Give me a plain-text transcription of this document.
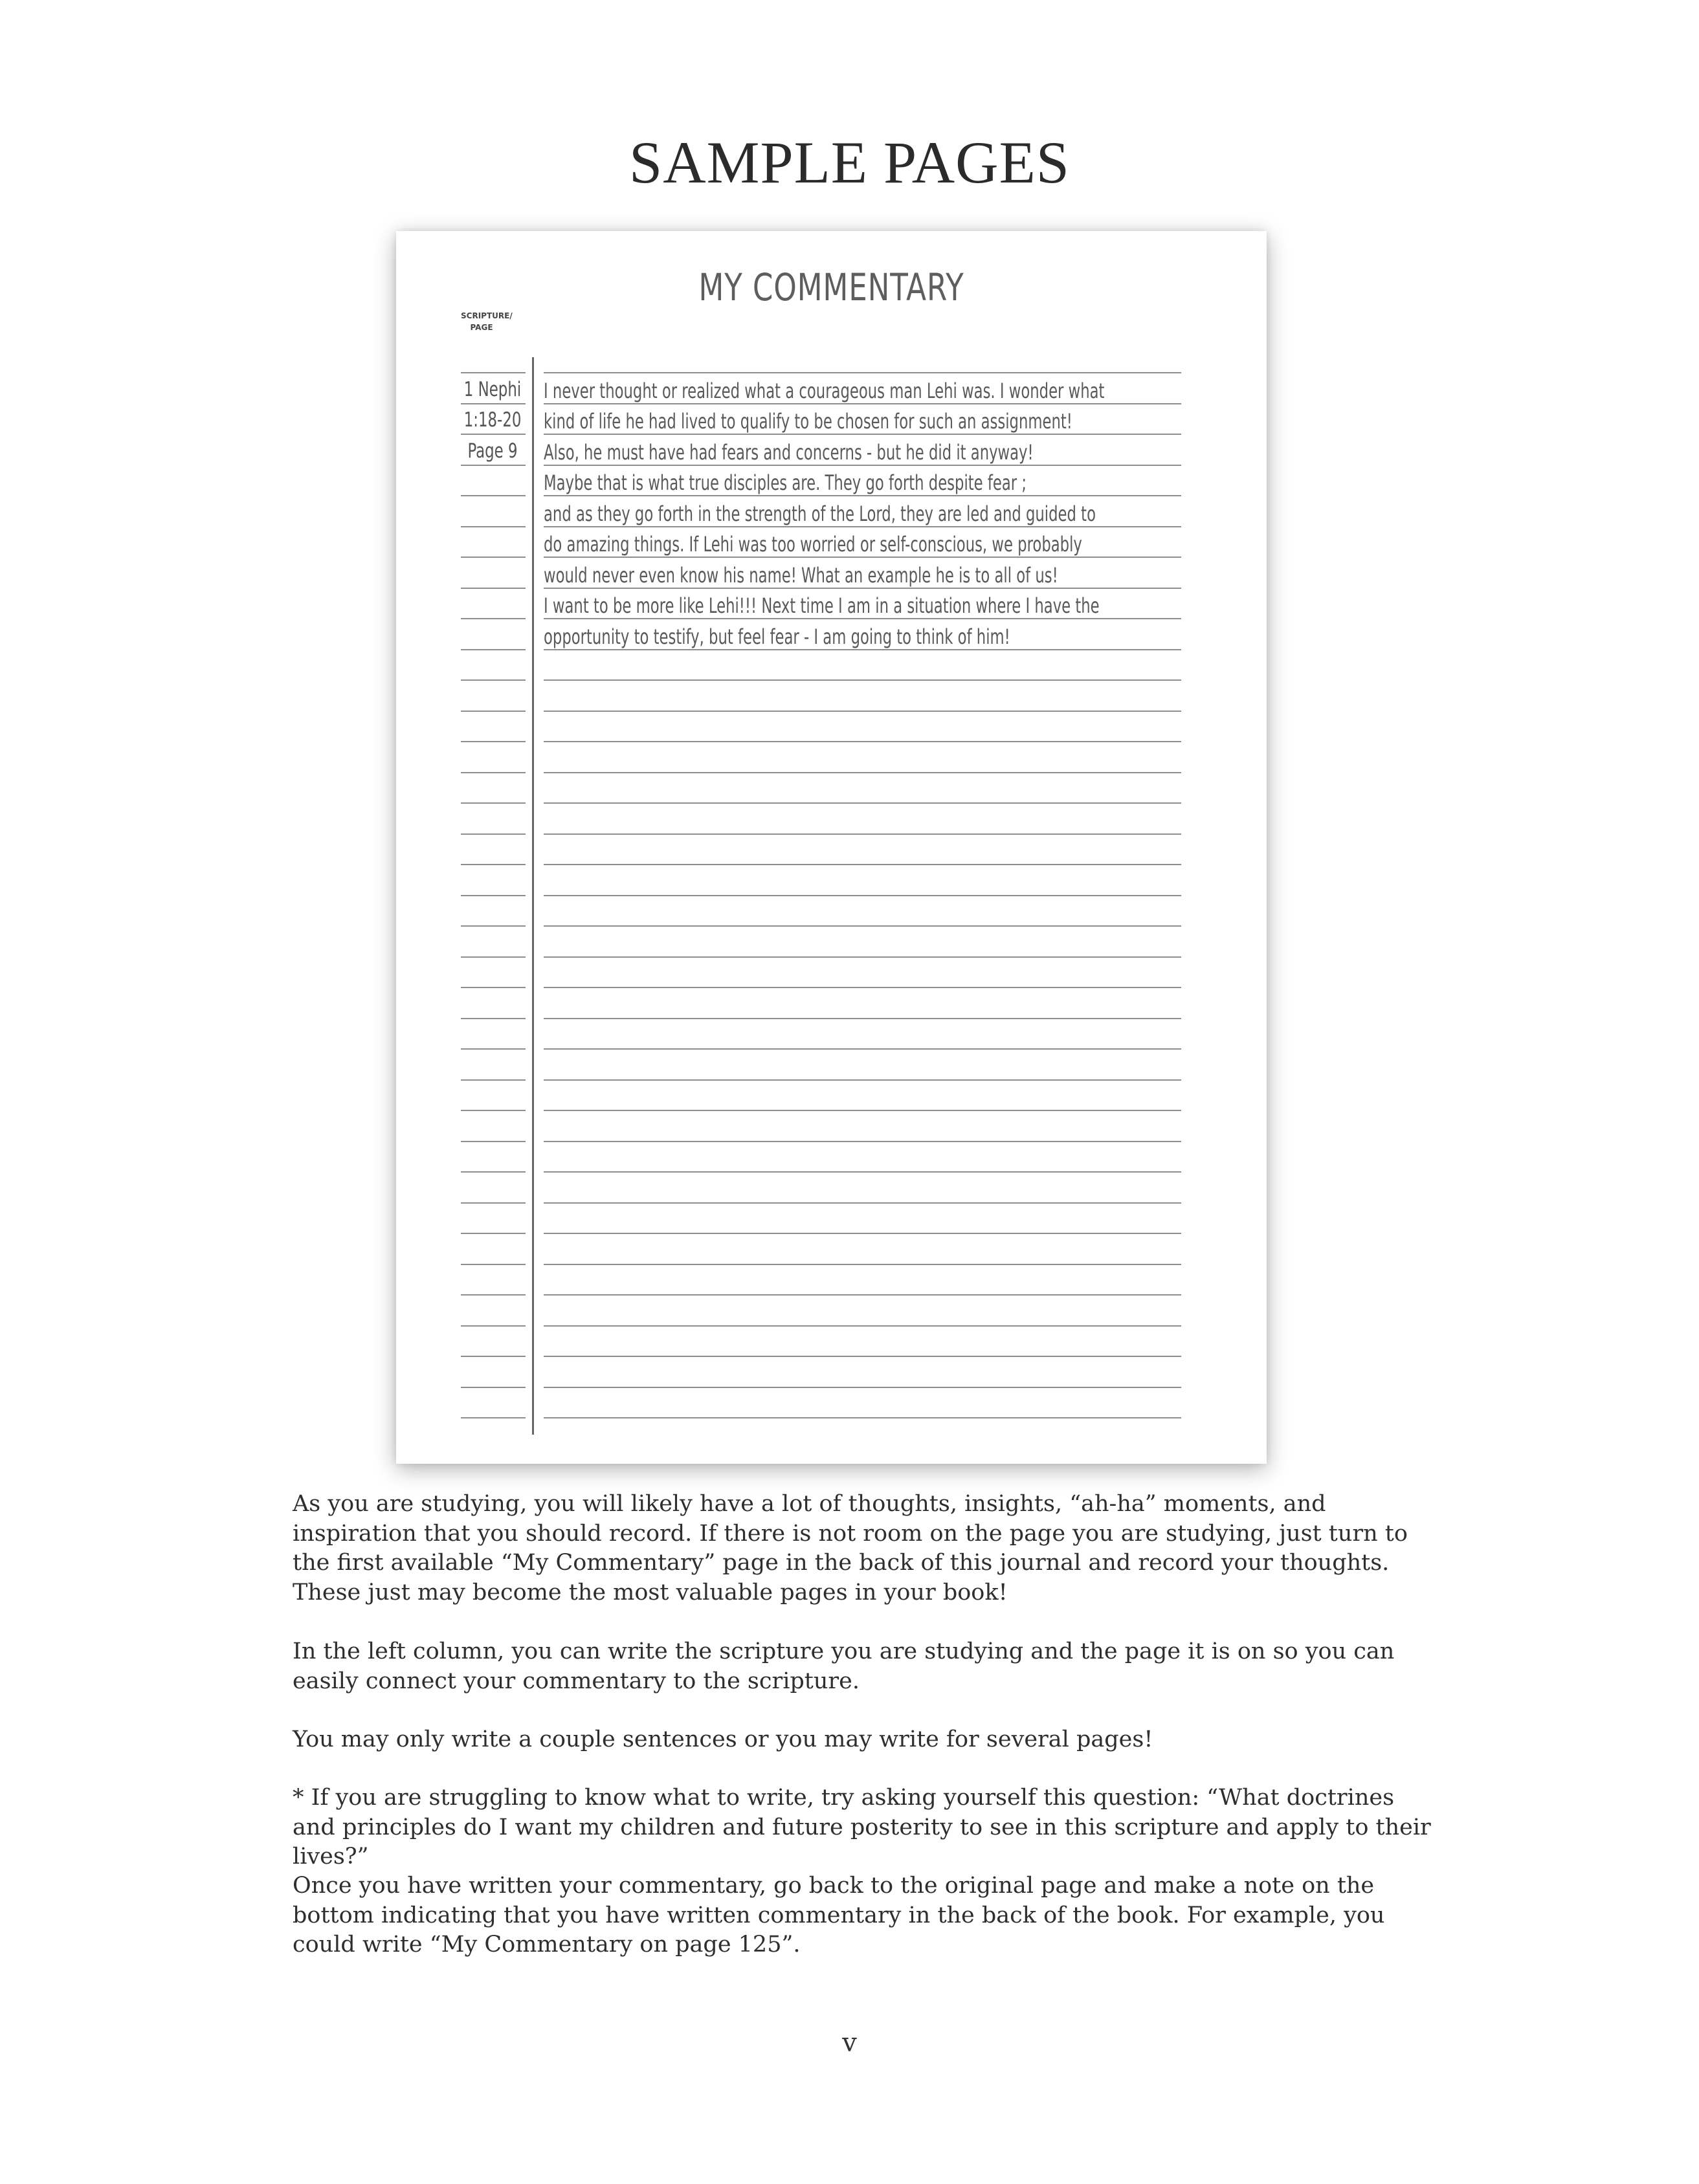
SAMPLE PAGES
MY COMMENTARY
SCRIPTURE/
PAGE
1 Nephi
1:18-20
Page 9
I never thought or realized what a courageous man Lehi was. I wonder what
kind of life he had lived to qualify to be chosen for such an assignment!
Also, he must have had fears and concerns - but he did it anyway!
Maybe that is what true disciples are. They go forth despite fear ;
and as they go forth in the strength of the Lord, they are led and guided to
do amazing things. If Lehi was too worried or self-conscious, we probably
would never even know his name! What an example he is to all of us!
I want to be more like Lehi!!! Next time I am in a situation where I have the
opportunity to testify, but feel fear - I am going to think of him!

As you are studying, you will likely have a lot of thoughts, insights, “ah-ha” moments, and inspiration that you should record. If there is not room on the page you are studying, just turn to the first available “My Commentary” page in the back of this journal and record your thoughts. These just may become the most valuable pages in your book!

In the left column, you can write the scripture you are studying and the page it is on so you can easily connect your commentary to the scripture.

You may only write a couple sentences or you may write for several pages!

* If you are struggling to know what to write, try asking yourself this question: “What doctrines and principles do I want my children and future posterity to see in this scripture and apply to their lives?”

Once you have written your commentary, go back to the original page and make a note on the bottom indicating that you have written commentary in the back of the book. For example, you could write “My Commentary on page 125”.

v
